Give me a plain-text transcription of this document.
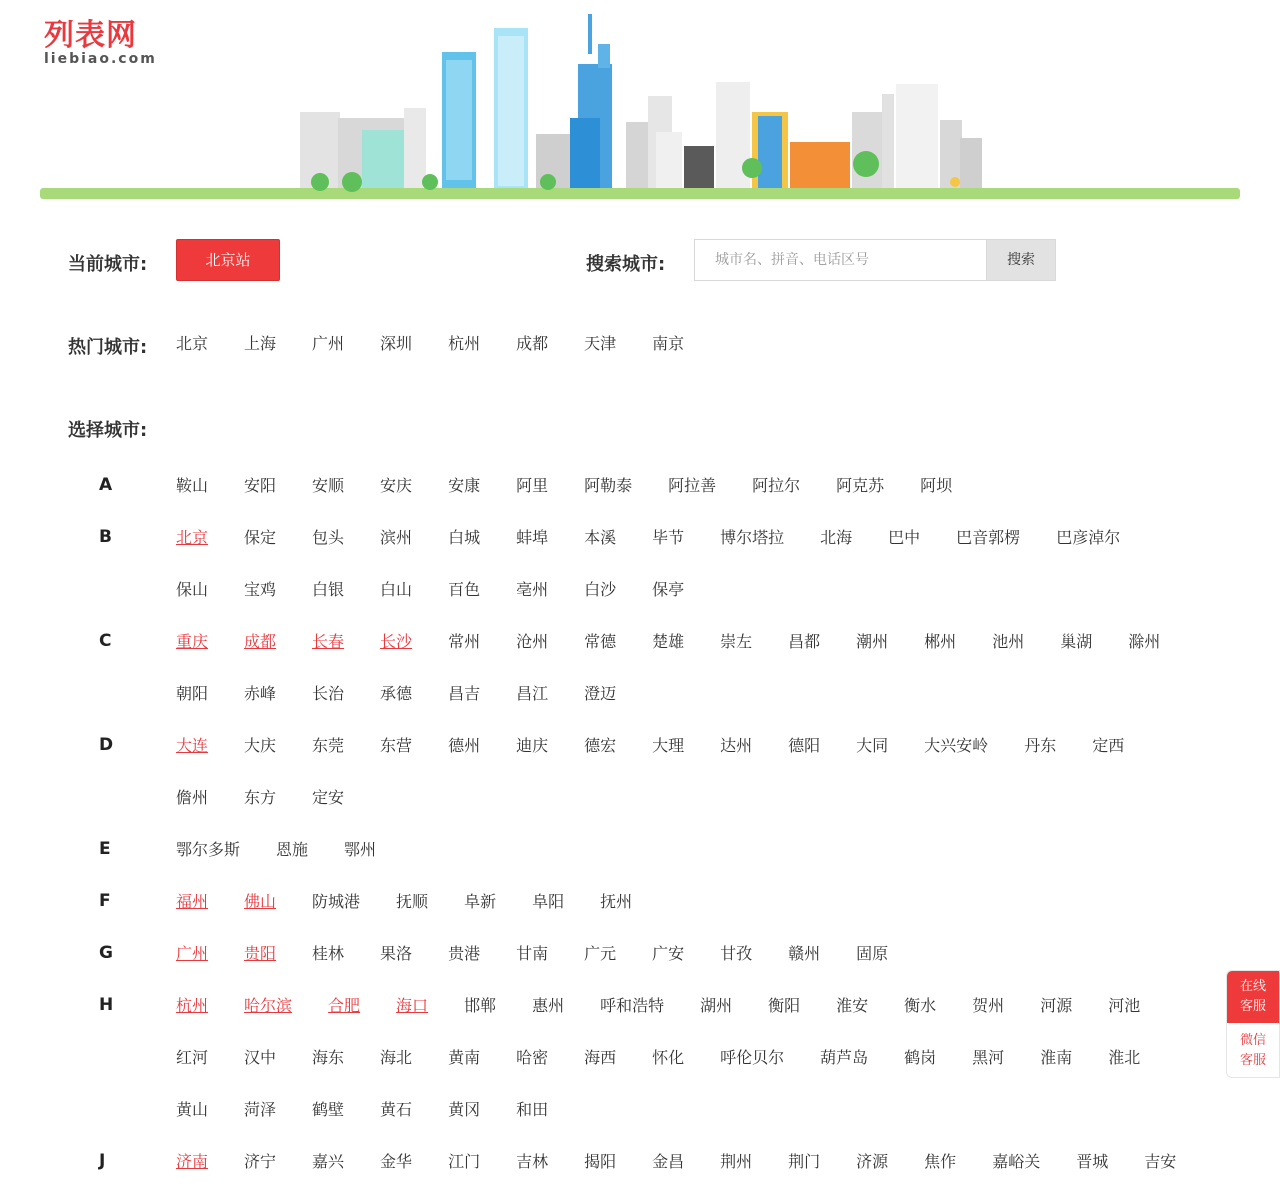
列表网
liebiao.com
当前城市:	北京站	搜索城市:
城市名、拼音、电话区号	搜索
热门城市: 北京 上海 广州 深圳 杭州 成都 天津 南京
选择城市:
A	鞍山 安阳 安顺 安庆 安康 阿里 阿勒泰 阿拉善 阿拉尔 阿克苏 阿坝
B	北京 保定 包头 滨州 白城 蚌埠 本溪 毕节 博尔塔拉 北海 巴中 巴音郭楞 巴彦淖尔
保山 宝鸡 白银 白山 百色 亳州 白沙 保亭
C	重庆 成都 长春 长沙 常州 沧州 常德 楚雄 崇左 昌都 潮州 郴州 池州 巢湖 滁州
朝阳 赤峰 长治 承德 昌吉 昌江 澄迈
D	大连 大庆 东莞 东营 德州 迪庆 德宏 大理 达州 德阳 大同 大兴安岭 丹东 定西
儋州 东方 定安
E	鄂尔多斯 恩施 鄂州
F	福州 佛山 防城港 抚顺 阜新 阜阳 抚州
G	广州 贵阳 桂林 果洛 贵港 甘南 广元 广安 甘孜 赣州 固原
H	杭州 哈尔滨 合肥 海口 邯郸 惠州 呼和浩特 湖州 衡阳 淮安 衡水 贺州 河源 河池
红河 汉中 海东 海北 黄南 哈密 海西 怀化 呼伦贝尔 葫芦岛 鹤岗 黑河 淮南 淮北
黄山 菏泽 鹤壁 黄石 黄冈 和田
J	济南 济宁 嘉兴 金华 江门 吉林 揭阳 金昌 荆州 荆门 济源 焦作 嘉峪关 晋城 吉安
在线
客服
微信
客服
